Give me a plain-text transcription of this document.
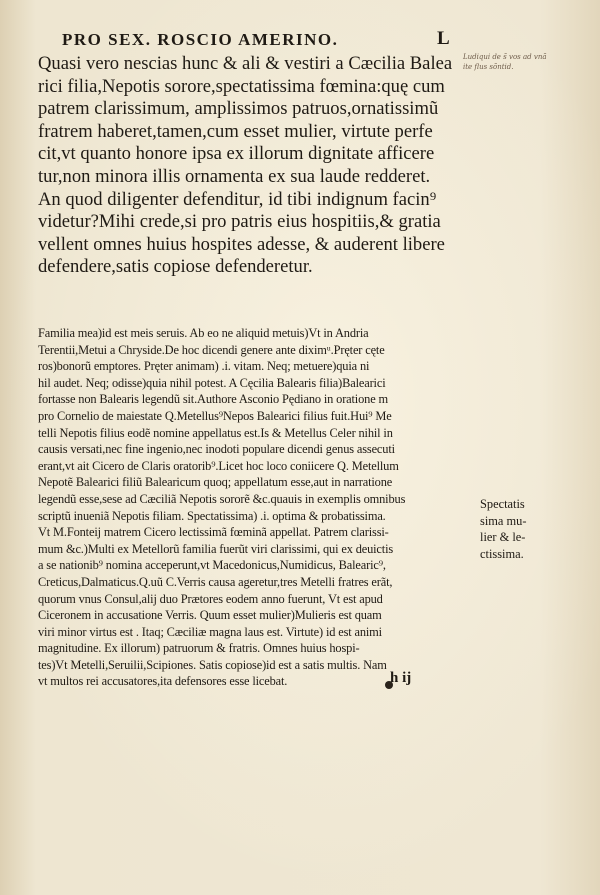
PRO SEX. ROSCIO AMERINO.	L
Ludiqui de s̃ vos ad vnã
ite flus sõntid.
Quasi vero nescias hunc & ali & vestiri a Cæcilia Balea
rici filia,Nepotis sorore,spectatissima fœmina:quę cum
patrem clarissimum, amplissimos patruos,ornatissimũ
fratrem haberet,tamen,cum esset mulier, virtute perfe
cit,vt quanto honore ipsa ex illorum dignitate afficere
tur,non minora illis ornamenta ex sua laude redderet.
An quod diligenter defenditur, id tibi indignum facin⁹
videtur?Mihi crede,si pro patris eius hospitiis,& gratia
vellent omnes huius hospites adesse, & auderent libere
defendere,satis copiose defenderetur.
Familia mea)id est meis seruis. Ab eo ne aliquid metuis)Vt in Andria
Terentii,Metui a Chryside.De hoc dicendi genere ante diximᵘ.Pręter cęte
ros)bonorũ emptores. Pręter animam) .i. vitam. Neq; metuere)quia ni
hil audet. Neq; odisse)quia nihil potest. A Cęcilia Balearis filia)Balearici
fortasse non Balearis legendũ sit.Authore Asconio Pędiano in oratione m
pro Cornelio de maiestate Q.Metellus⁹Nepos Balearici filius fuit.Hui⁹ Me
telli Nepotis filius eodẽ nomine appellatus est.Is & Metellus Celer nihil in
causis versati,nec fine ingenio,nec inodoti populare dicendi genus assecuti
erant,vt ait Cicero de Claris oratorib⁹.Licet hoc loco coniicere Q. Metellum
Nepotẽ Balearici filiũ Balearicum quoq; appellatum esse,aut in narratione
legendũ esse,sese ad Cæciliã Nepotis sororẽ &c.quauis in exemplis omnibus
scriptũ inueniã Nepotis filiam. Spectatissima) .i. optima & probatissima.
Vt M.Fonteij matrem Cicero lectissimã fœminã appellat. Patrem clarissi-
mum &c.)Multi ex Metellorũ familia fuerũt viri clarissimi, qui ex deuictis
a se nationib⁹ nomina acceperunt,vt Macedonicus,Numidicus, Balearic⁹,
Creticus,Dalmaticus.Q.uũ C.Verris causa ageretur,tres Metelli fratres erãt,
quorum vnus Consul,alij duo Prætores eodem anno fuerunt, Vt est apud
Ciceronem in accusatione Verris. Quum esset mulier)Mulieris est quam
viri minor virtus est . Itaq; Cæciliæ magna laus est. Virtute) id est animi
magnitudine. Ex illorum) patruorum & fratris. Omnes huius hospi-
tes)Vt Metelli,Seruilii,Scipiones. Satis copiose)id est a satis multis. Nam
vt multos rei accusatores,ita defensores esse licebat.
Spectatis
sima mu-
lier & le-
ctissima.
h ij
